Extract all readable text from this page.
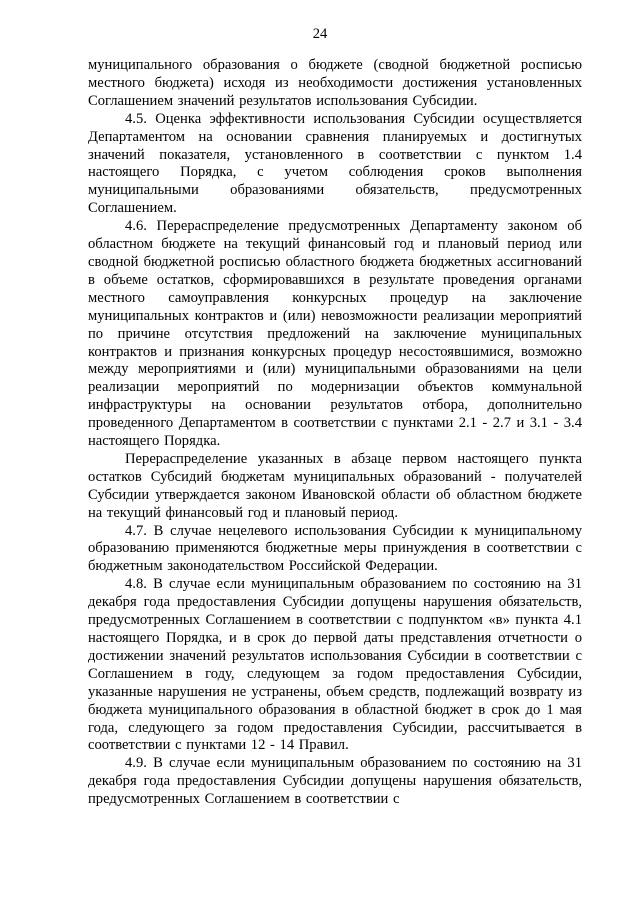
24

муниципального образования о бюджете (сводной бюджетной росписью местного бюджета) исходя из необходимости достижения установленных Соглашением значений результатов использования Субсидии.

4.5. Оценка эффективности использования Субсидии осуществляется Департаментом на основании сравнения планируемых и достигнутых значений показателя, установленного в соответствии с пунктом 1.4 настоящего Порядка, с учетом соблюдения сроков выполнения муниципальными образованиями обязательств, предусмотренных Соглашением.

4.6. Перераспределение предусмотренных Департаменту законом об областном бюджете на текущий финансовый год и плановый период или сводной бюджетной росписью областного бюджета бюджетных ассигнований в объеме остатков, сформировавшихся в результате проведения органами местного самоуправления конкурсных процедур на заключение муниципальных контрактов и (или) невозможности реализации мероприятий по причине отсутствия предложений на заключение муниципальных контрактов и признания конкурсных процедур несостоявшимися, возможно между мероприятиями и (или) муниципальными образованиями на цели реализации мероприятий по модернизации объектов коммунальной инфраструктуры на основании результатов отбора, дополнительно проведенного Департаментом в соответствии с пунктами 2.1 - 2.7 и 3.1 - 3.4 настоящего Порядка.

Перераспределение указанных в абзаце первом настоящего пункта остатков Субсидий бюджетам муниципальных образований - получателей Субсидии утверждается законом Ивановской области об областном бюджете на текущий финансовый год и плановый период.

4.7. В случае нецелевого использования Субсидии к муниципальному образованию применяются бюджетные меры принуждения в соответствии с бюджетным законодательством Российской Федерации.

4.8. В случае если муниципальным образованием по состоянию на 31 декабря года предоставления Субсидии допущены нарушения обязательств, предусмотренных Соглашением в соответствии с подпунктом «в» пункта 4.1 настоящего Порядка, и в срок до первой даты представления отчетности о достижении значений результатов использования Субсидии в соответствии с Соглашением в году, следующем за годом предоставления Субсидии, указанные нарушения не устранены, объем средств, подлежащий возврату из бюджета муниципального образования в областной бюджет в срок до 1 мая года, следующего за годом предоставления Субсидии, рассчитывается в соответствии с пунктами 12 - 14 Правил.

4.9. В случае если муниципальным образованием по состоянию на 31 декабря года предоставления Субсидии допущены нарушения обязательств, предусмотренных Соглашением в соответствии с
